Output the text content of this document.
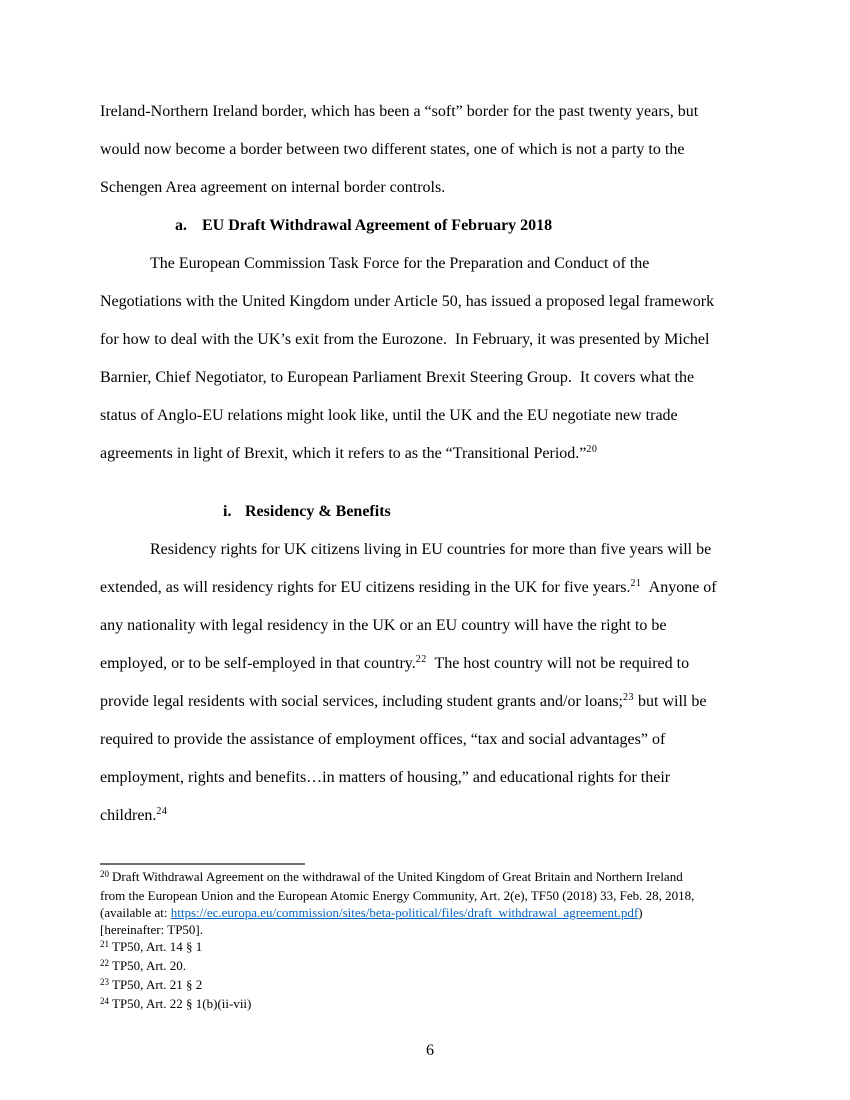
Ireland-Northern Ireland border, which has been a “soft” border for the past twenty years, but
would now become a border between two different states, one of which is not a party to the
Schengen Area agreement on internal border controls.
a. EU Draft Withdrawal Agreement of February 2018
The European Commission Task Force for the Preparation and Conduct of the
Negotiations with the United Kingdom under Article 50, has issued a proposed legal framework
for how to deal with the UK’s exit from the Eurozone.  In February, it was presented by Michel
Barnier, Chief Negotiator, to European Parliament Brexit Steering Group.  It covers what the
status of Anglo-EU relations might look like, until the UK and the EU negotiate new trade
agreements in light of Brexit, which it refers to as the “Transitional Period.”$^{20}$
i. Residency & Benefits
Residency rights for UK citizens living in EU countries for more than five years will be
extended, as will residency rights for EU citizens residing in the UK for five years.$^{21}$  Anyone of
any nationality with legal residency in the UK or an EU country will have the right to be
employed, or to be self-employed in that country.$^{22}$  The host country will not be required to
provide legal residents with social services, including student grants and/or loans;$^{23}$ but will be
required to provide the assistance of employment offices, “tax and social advantages” of
employment, rights and benefits…in matters of housing,” and educational rights for their
children.$^{24}$
$^{20}$ Draft Withdrawal Agreement on the withdrawal of the United Kingdom of Great Britain and Northern Ireland
from the European Union and the European Atomic Energy Community, Art. 2(e), TF50 (2018) 33, Feb. 28, 2018,
(available at: https://ec.europa.eu/commission/sites/beta-political/files/draft_withdrawal_agreement.pdf)
[hereinafter: TP50].
$^{21}$ TP50, Art. 14 § 1
$^{22}$ TP50, Art. 20.
$^{23}$ TP50, Art. 21 § 2
$^{24}$ TP50, Art. 22 § 1(b)(ii-vii)
6
